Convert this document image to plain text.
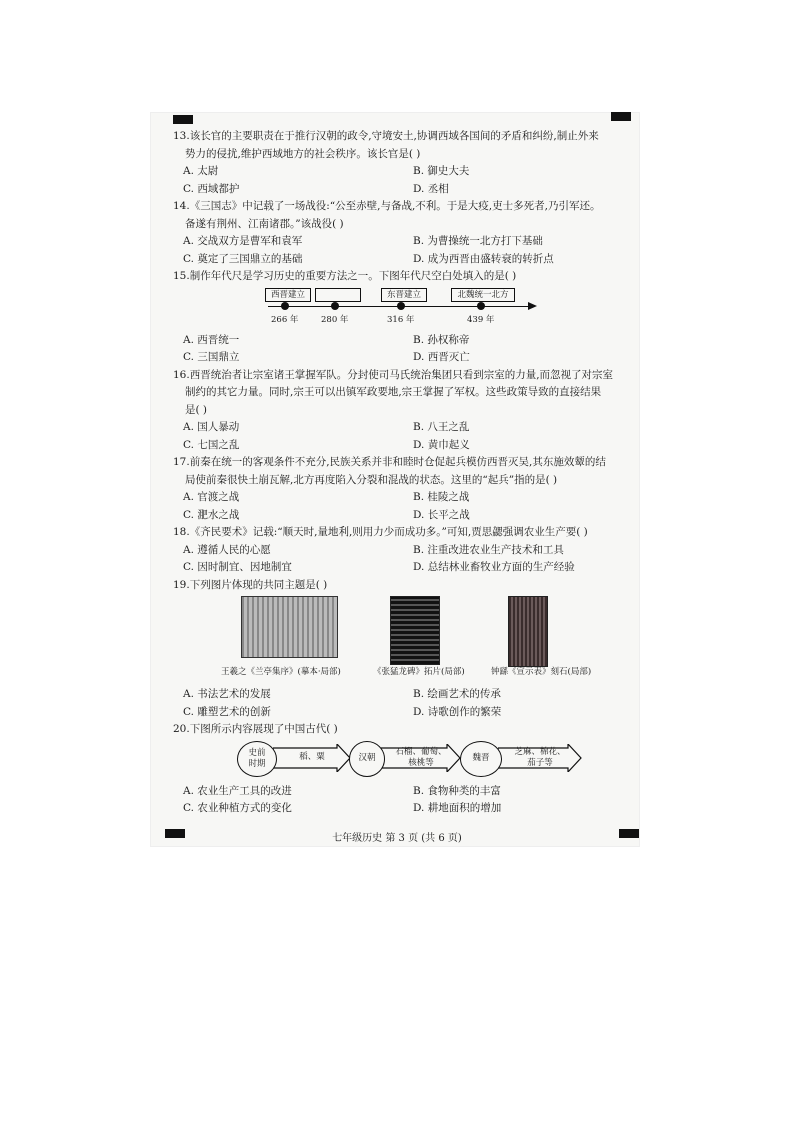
13.该长官的主要职责在于推行汉朝的政令,守境安土,协调西域各国间的矛盾和纠纷,制止外来
势力的侵扰,维护西域地方的社会秩序。该长官是( )
A. 太尉	B. 御史大夫
C. 西域都护	D. 丞相
14.《三国志》中记载了一场战役:“公至赤壁,与备战,不利。于是大疫,吏士多死者,乃引军还。
备遂有荆州、江南诸郡。”该战役( )
A. 交战双方是曹军和袁军	B. 为曹操统一北方打下基础
C. 奠定了三国鼎立的基础	D. 成为西晋由盛转衰的转折点
15.制作年代尺是学习历史的重要方法之一。下图年代尺空白处填入的是( )
西晋建立	东晋建立	北魏统一北方
266 年	280 年	316 年	439 年
A. 西晋统一	B. 孙权称帝
C. 三国鼎立	D. 西晋灭亡
16.西晋统治者让宗室诸王掌握军队。分封使司马氏统治集团只看到宗室的力量,而忽视了对宗室
制约的其它力量。同时,宗王可以出镇军政要地,宗王掌握了军权。这些政策导致的直接结果
是( )
A. 国人暴动	B. 八王之乱
C. 七国之乱	D. 黄巾起义
17.前秦在统一的客观条件不充分,民族关系并非和睦时仓促起兵模仿西晋灭吴,其东施效颦的结
局使前秦很快土崩瓦解,北方再度陷入分裂和混战的状态。这里的“起兵”指的是( )
A. 官渡之战	B. 桂陵之战
C. 淝水之战	D. 长平之战
18.《齐民要术》记载:“顺天时,量地利,则用力少而成功多。”可知,贾思勰强调农业生产要( )
A. 遵循人民的心愿	B. 注重改进农业生产技术和工具
C. 因时制宜、因地制宜	D. 总结林业畜牧业方面的生产经验
19.下列图片体现的共同主题是( )
王羲之《兰亭集序》(摹本·局部)	《张猛龙碑》拓片(局部)	钟繇《宣示表》刻石(局部)
A. 书法艺术的发展	B. 绘画艺术的传承
C. 雕塑艺术的创新	D. 诗歌创作的繁荣
20.下图所示内容展现了中国古代( )
史前
时期
稻、粟	汉朝
石榴、葡萄、
核桃等	魏晋
芝麻、棉花、
茄子等
A. 农业生产工具的改进	B. 食物种类的丰富
C. 农业种植方式的变化	D. 耕地面积的增加
七年级历史 第 3 页 (共 6 页)
